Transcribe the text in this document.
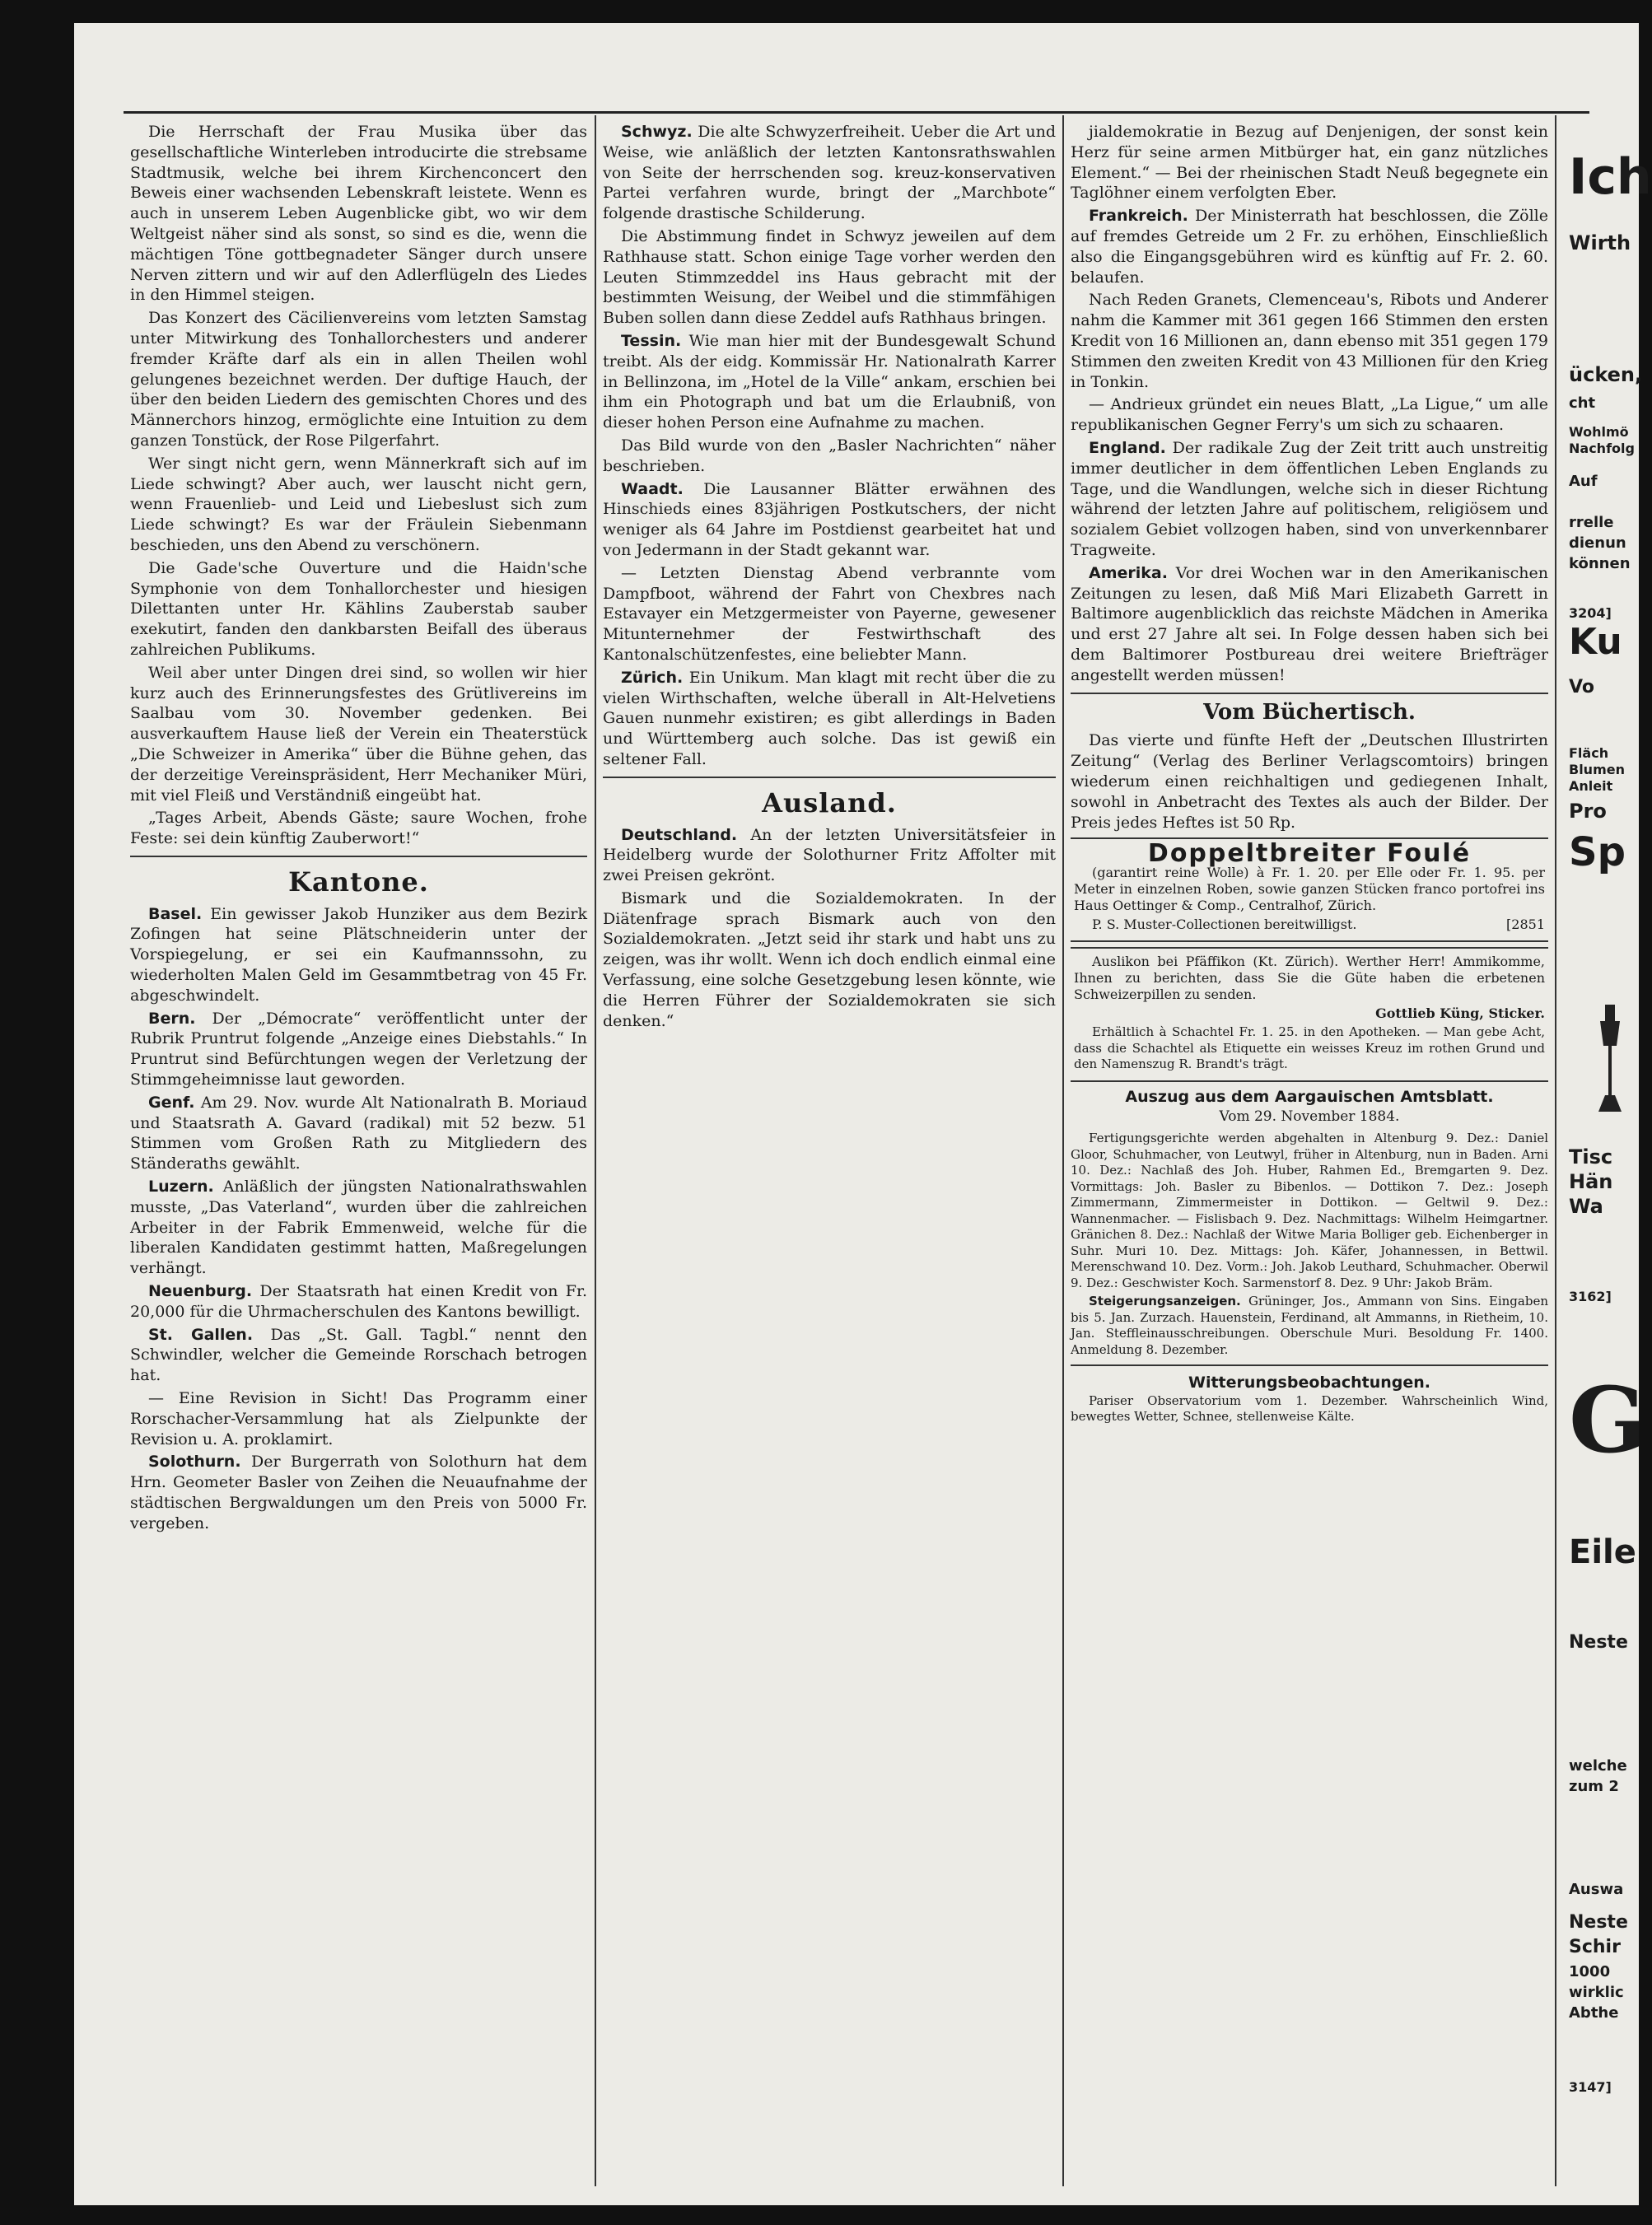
Die Herrschaft der Frau Musika über das gesellschaftliche Winterleben introducirte die strebsame Stadtmusik, welche bei ihrem Kirchenconcert den Beweis einer wachsenden Lebenskraft leistete. Wenn es auch in unserem Leben Augenblicke gibt, wo wir dem Weltgeist näher sind als sonst, so sind es die, wenn die mächtigen Töne gottbegnadeter Sänger durch unsere Nerven zittern und wir auf den Adlerflügeln des Liedes in den Himmel steigen.

Das Konzert des Cäcilienvereins vom letzten Samstag unter Mitwirkung des Tonhallorchesters und anderer fremder Kräfte darf als ein in allen Theilen wohl gelungenes bezeichnet werden. Der duftige Hauch, der über den beiden Liedern des gemischten Chores und des Männerchors hinzog, ermöglichte eine Intuition zu dem ganzen Tonstück, der Rose Pilgerfahrt.

Wer singt nicht gern, wenn Männerkraft sich auf im Liede schwingt? Aber auch, wer lauscht nicht gern, wenn Frauenlieb- und Leid und Liebeslust sich zum Liede schwingt? Es war der Fräulein Siebenmann beschieden, uns den Abend zu verschönern.

Die Gade'sche Ouverture und die Haidn'sche Symphonie von dem Tonhallorchester und hiesigen Dilettanten unter Hr. Kählins Zauberstab sauber exekutirt, fanden den dankbarsten Beifall des überaus zahlreichen Publikums.

Weil aber unter Dingen drei sind, so wollen wir hier kurz auch des Erinnerungsfestes des Grütlivereins im Saalbau vom 30. November gedenken. Bei ausverkauftem Hause ließ der Verein ein Theaterstück „Die Schweizer in Amerika“ über die Bühne gehen, das der derzeitige Vereinspräsident, Herr Mechaniker Müri, mit viel Fleiß und Verständniß eingeübt hat.

„Tages Arbeit, Abends Gäste; saure Wochen, frohe Feste: sei dein künftig Zauberwort!“

Kantone.

Basel. Ein gewisser Jakob Hunziker aus dem Bezirk Zofingen hat seine Plätschneiderin unter der Vorspiegelung, er sei ein Kaufmannssohn, zu wiederholten Malen Geld im Gesammtbetrag von 45 Fr. abgeschwindelt.

Bern. Der „Démocrate“ veröffentlicht unter der Rubrik Pruntrut folgende „Anzeige eines Diebstahls.“ In Pruntrut sind Befürchtungen wegen der Verletzung der Stimmgeheimnisse laut geworden.

Genf. Am 29. Nov. wurde Alt Nationalrath B. Moriaud und Staatsrath A. Gavard (radikal) mit 52 bezw. 51 Stimmen vom Großen Rath zu Mitgliedern des Ständeraths gewählt.

Luzern. Anläßlich der jüngsten Nationalrathswahlen musste, „Das Vaterland“, wurden über die zahlreichen Arbeiter in der Fabrik Emmenweid, welche für die liberalen Kandidaten gestimmt hatten, Maßregelungen verhängt.

Neuenburg. Der Staatsrath hat einen Kredit von Fr. 20,000 für die Uhrmacherschulen des Kantons bewilligt.

St. Gallen. Das „St. Gall. Tagbl.“ nennt den Schwindler, welcher die Gemeinde Rorschach betrogen hat.

— Eine Revision in Sicht! Das Programm einer Rorschacher-Versammlung hat als Zielpunkte der Revision u. A. proklamirt.

Solothurn. Der Burgerrath von Solothurn hat dem Hrn. Geometer Basler von Zeihen die Neuaufnahme der städtischen Bergwaldungen um den Preis von 5000 Fr. vergeben.

Schwyz. Die alte Schwyzerfreiheit. Ueber die Art und Weise, wie anläßlich der letzten Kantonsrathswahlen von Seite der herrschenden sog. kreuz-konservativen Partei verfahren wurde, bringt der „Marchbote“ folgende drastische Schilderung.

Die Abstimmung findet in Schwyz jeweilen auf dem Rathhause statt. Schon einige Tage vorher werden den Leuten Stimmzeddel ins Haus gebracht mit der bestimmten Weisung, der Weibel und die stimmfähigen Buben sollen dann diese Zeddel aufs Rathhaus bringen.

Tessin. Wie man hier mit der Bundesgewalt Schund treibt. Als der eidg. Kommissär Hr. Nationalrath Karrer in Bellinzona, im „Hotel de la Ville“ ankam, erschien bei ihm ein Photograph und bat um die Erlaubniß, von dieser hohen Person eine Aufnahme zu machen.

Das Bild wurde von den „Basler Nachrichten“ näher beschrieben.

Waadt. Die Lausanner Blätter erwähnen des Hinschieds eines 83jährigen Postkutschers, der nicht weniger als 64 Jahre im Postdienst gearbeitet hat und von Jedermann in der Stadt gekannt war.

— Letzten Dienstag Abend verbrannte vom Dampfboot, während der Fahrt von Chexbres nach Estavayer ein Metzgermeister von Payerne, gewesener Mitunternehmer der Festwirthschaft des Kantonalschützenfestes, eine beliebter Mann.

Zürich. Ein Unikum. Man klagt mit recht über die zu vielen Wirthschaften, welche überall in Alt-Helvetiens Gauen nunmehr existiren; es gibt allerdings in Baden und Württemberg auch solche. Das ist gewiß ein seltener Fall.

Ausland.

Deutschland. An der letzten Universitätsfeier in Heidelberg wurde der Solothurner Fritz Affolter mit zwei Preisen gekrönt.

Bismark und die Sozialdemokraten. In der Diätenfrage sprach Bismark auch von den Sozialdemokraten. „Jetzt seid ihr stark und habt uns zu zeigen, was ihr wollt. Wenn ich doch endlich einmal eine Verfassung, eine solche Gesetzgebung lesen könnte, wie die Herren Führer der Sozialdemokraten sie sich denken.“

jialdemokratie in Bezug auf Denjenigen, der sonst kein Herz für seine armen Mitbürger hat, ein ganz nützliches Element.“ — Bei der rheinischen Stadt Neuß begegnete ein Taglöhner einem verfolgten Eber.

Frankreich. Der Ministerrath hat beschlossen, die Zölle auf fremdes Getreide um 2 Fr. zu erhöhen, Einschließlich also die Eingangsgebühren wird es künftig auf Fr. 2. 60. belaufen.

Nach Reden Granets, Clemenceau's, Ribots und Anderer nahm die Kammer mit 361 gegen 166 Stimmen den ersten Kredit von 16 Millionen an, dann ebenso mit 351 gegen 179 Stimmen den zweiten Kredit von 43 Millionen für den Krieg in Tonkin.

— Andrieux gründet ein neues Blatt, „La Ligue,“ um alle republikanischen Gegner Ferry's um sich zu schaaren.

England. Der radikale Zug der Zeit tritt auch unstreitig immer deutlicher in dem öffentlichen Leben Englands zu Tage, und die Wandlungen, welche sich in dieser Richtung während der letzten Jahre auf politischem, religiösem und sozialem Gebiet vollzogen haben, sind von unverkennbarer Tragweite.

Amerika. Vor drei Wochen war in den Amerikanischen Zeitungen zu lesen, daß Miß Mari Elizabeth Garrett in Baltimore augenblicklich das reichste Mädchen in Amerika und erst 27 Jahre alt sei. In Folge dessen haben sich bei dem Baltimorer Postbureau drei weitere Briefträger angestellt werden müssen!

Vom Büchertisch.

Das vierte und fünfte Heft der „Deutschen Illustrirten Zeitung“ (Verlag des Berliner Verlagscomtoirs) bringen wiederum einen reichhaltigen und gediegenen Inhalt, sowohl in Anbetracht des Textes als auch der Bilder. Der Preis jedes Heftes ist 50 Rp.

Doppeltbreiter Foulé

(garantirt reine Wolle) à Fr. 1. 20. per Elle oder Fr. 1. 95. per Meter in einzelnen Roben, sowie ganzen Stücken franco portofrei ins Haus Oettinger & Comp., Centralhof, Zürich.

P. S. Muster-Collectionen bereitwilligst.	[2851

Auslikon bei Pfäffikon (Kt. Zürich). Werther Herr! Ammikomme, Ihnen zu berichten, dass Sie die Güte haben die erbetenen Schweizerpillen zu senden.

Gottlieb Küng, Sticker.

Erhältlich à Schachtel Fr. 1. 25. in den Apotheken. — Man gebe Acht, dass die Schachtel als Etiquette ein weisses Kreuz im rothen Grund und den Namenszug R. Brandt's trägt.

Auszug aus dem Aargauischen Amtsblatt.
Vom 29. November 1884.

Fertigungsgerichte werden abgehalten in Altenburg 9. Dez.: Daniel Gloor, Schuhmacher, von Leutwyl, früher in Altenburg, nun in Baden. Arni 10. Dez.: Nachlaß des Joh. Huber, Rahmen Ed., Bremgarten 9. Dez. Vormittags: Joh. Basler zu Bibenlos. — Dottikon 7. Dez.: Joseph Zimmermann, Zimmermeister in Dottikon. — Geltwil 9. Dez.: Wannenmacher. — Fislisbach 9. Dez. Nachmittags: Wilhelm Heimgartner. Gränichen 8. Dez.: Nachlaß der Witwe Maria Bolliger geb. Eichenberger in Suhr. Muri 10. Dez. Mittags: Joh. Käfer, Johannessen, in Bettwil. Merenschwand 10. Dez. Vorm.: Joh. Jakob Leuthard, Schuhmacher. Oberwil 9. Dez.: Geschwister Koch. Sarmenstorf 8. Dez. 9 Uhr: Jakob Bräm.

Steigerungsanzeigen. Grüninger, Jos., Ammann von Sins. Eingaben bis 5. Jan. Zurzach. Hauenstein, Ferdinand, alt Ammanns, in Rietheim, 10. Jan. Steffleinausschreibungen. Oberschule Muri. Besoldung Fr. 1400. Anmeldung 8. Dezember.

Witterungsbeobachtungen.

Pariser Observatorium vom 1. Dezember. Wahrscheinlich Wind, bewegtes Wetter, Schnee, stellenweise Kälte.

Ich
Wirth
ücken,
cht
Wohlmö
Nachfolg
Auf
rrelle
dienun
können
3204]
Ku
Vo
Fläch
Blumen
Anleit
Pro
Sp
Tisc
Hän
Wa
3162]
G
Eile
Neste
welche
zum 2
Auswa
Neste
Schir
1000
wirklic
Abthe
3147]
